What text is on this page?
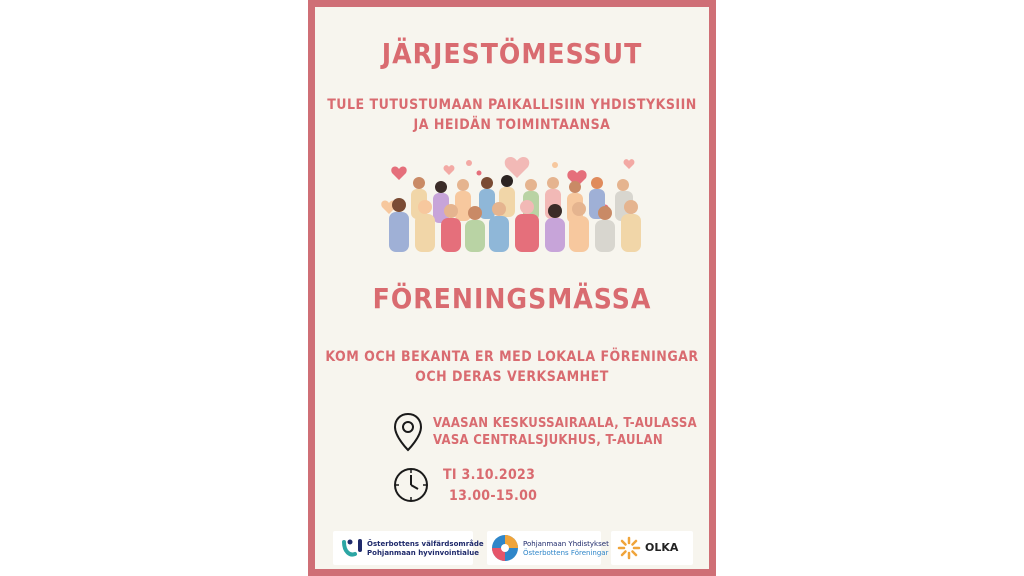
JÄRJESTÖMESSUT
TULE TUTUSTUMAAN PAIKALLISIIN YHDISTYKSIIN
JA HEIDÄN TOIMINTAANSA
FÖRENINGSMÄSSA
KOM OCH BEKANTA ER MED LOKALA FÖRENINGAR
OCH DERAS VERKSAMHET
VAASAN KESKUSSAIRAALA, T-AULASSA
VASA CENTRALSJUKHUS, T-AULAN
TI 3.10.2023
13.00-15.00
Österbottens välfärdsområde
Pohjanmaan hyvinvointialue
Pohjanmaan Yhdistykset
Österbottens Föreningar	OLKA
